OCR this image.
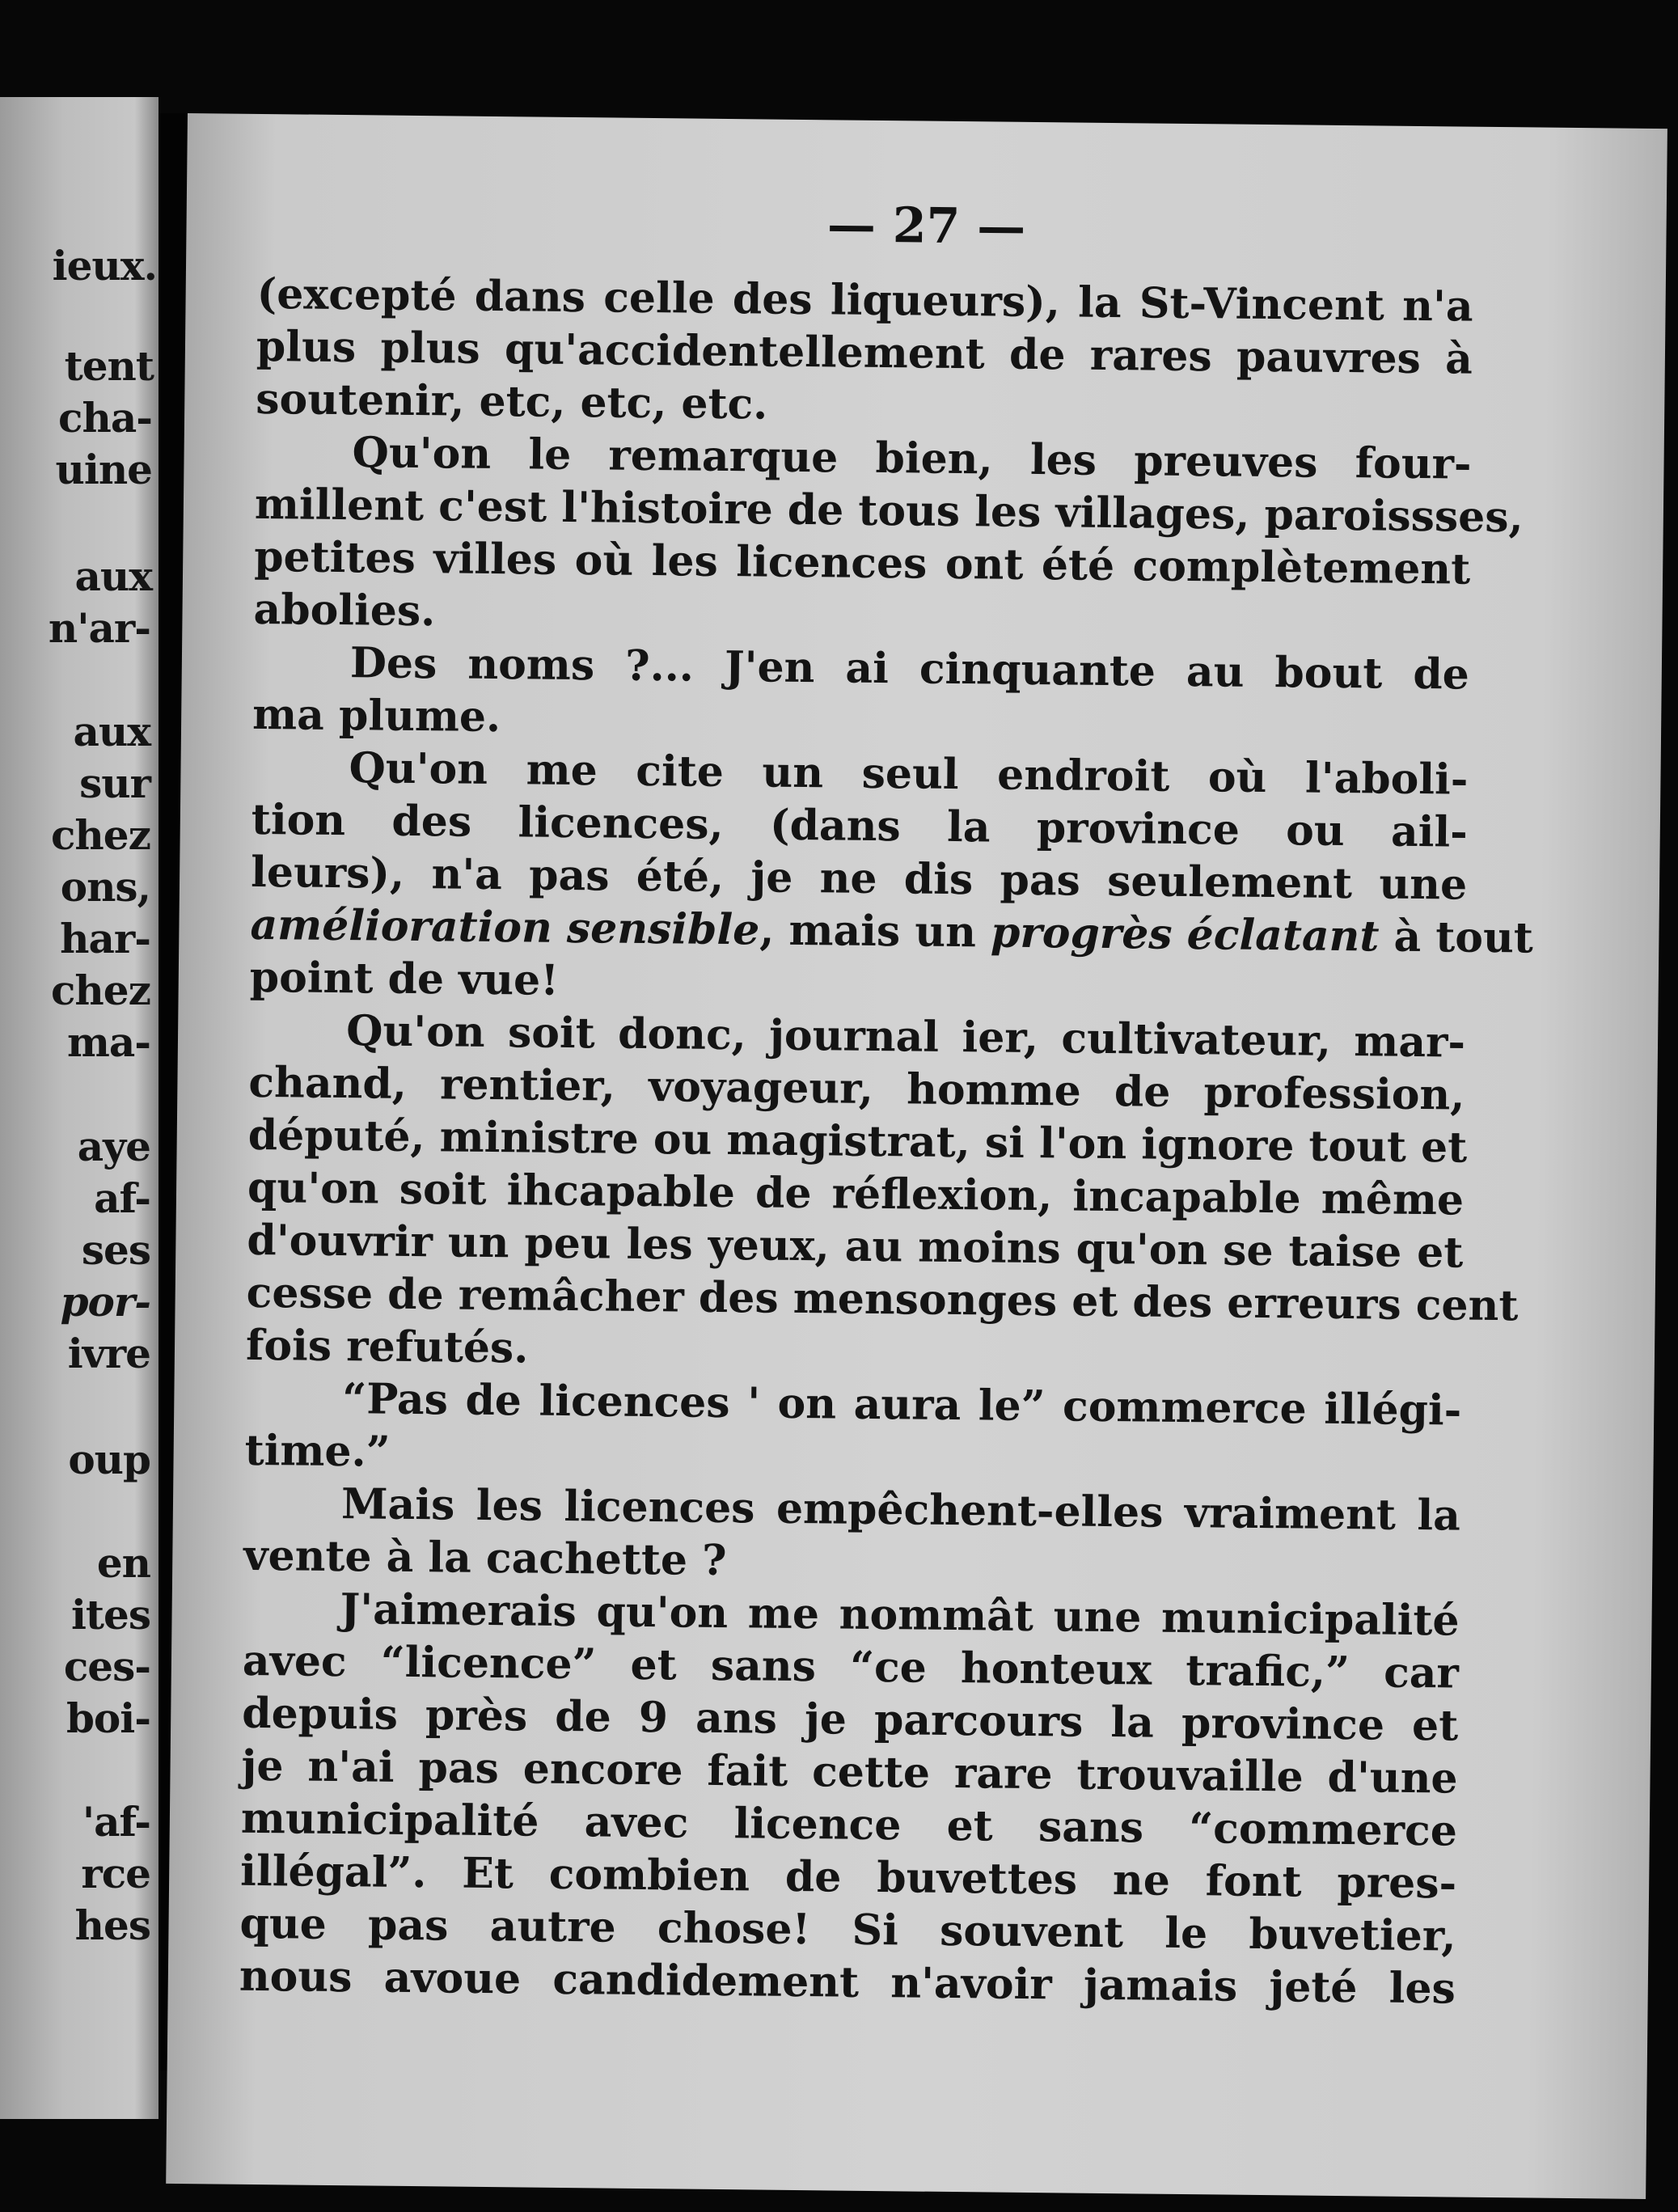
ieux.
tent
cha-
uine
aux
n'ar-
aux
sur
chez
ons,
har-
chez
ma-
aye
af-
ses
por-
ivre
oup
en
ites
ces-
boi-
'af-
rce
hes
— 27 —
(excepté dans celle des liqueurs), la St-Vincent n'a
plus plus qu'accidentellement de rares pauvres à
soutenir, etc, etc, etc.
Qu'on le remarque bien, les preuves four-
millent c'est l'histoire de tous les villages, paroissses,
petites villes où les licences ont été complètement
abolies.
Des noms ?... J'en ai cinquante au bout de
ma plume.
Qu'on me cite un seul endroit où l'aboli-
tion des licences, (dans la province ou ail-
leurs), n'a pas été, je ne dis pas seulement une
amélioration sensible, mais un progrès éclatant à tout
point de vue!
Qu'on soit donc, journal ier, cultivateur, mar-
chand, rentier, voyageur, homme de profession,
député, ministre ou magistrat, si l'on ignore tout et
qu'on soit ihcapable de réflexion, incapable même
d'ouvrir un peu les yeux, au moins qu'on se taise et
cesse de remâcher des mensonges et des erreurs cent
fois refutés.
“Pas de licences ' on aura le” commerce illégi-
time.”
Mais les licences empêchent-elles vraiment la
vente à la cachette ?
J'aimerais qu'on me nommât une municipalité
avec “licence” et sans “ce honteux trafic,” car
depuis près de 9 ans je parcours la province et
je n'ai pas encore fait cette rare trouvaille d'une
municipalité avec licence et sans “commerce
illégal”. Et combien de buvettes ne font pres-
que pas autre chose! Si souvent le buvetier,
nous avoue candidement n'avoir jamais jeté les
